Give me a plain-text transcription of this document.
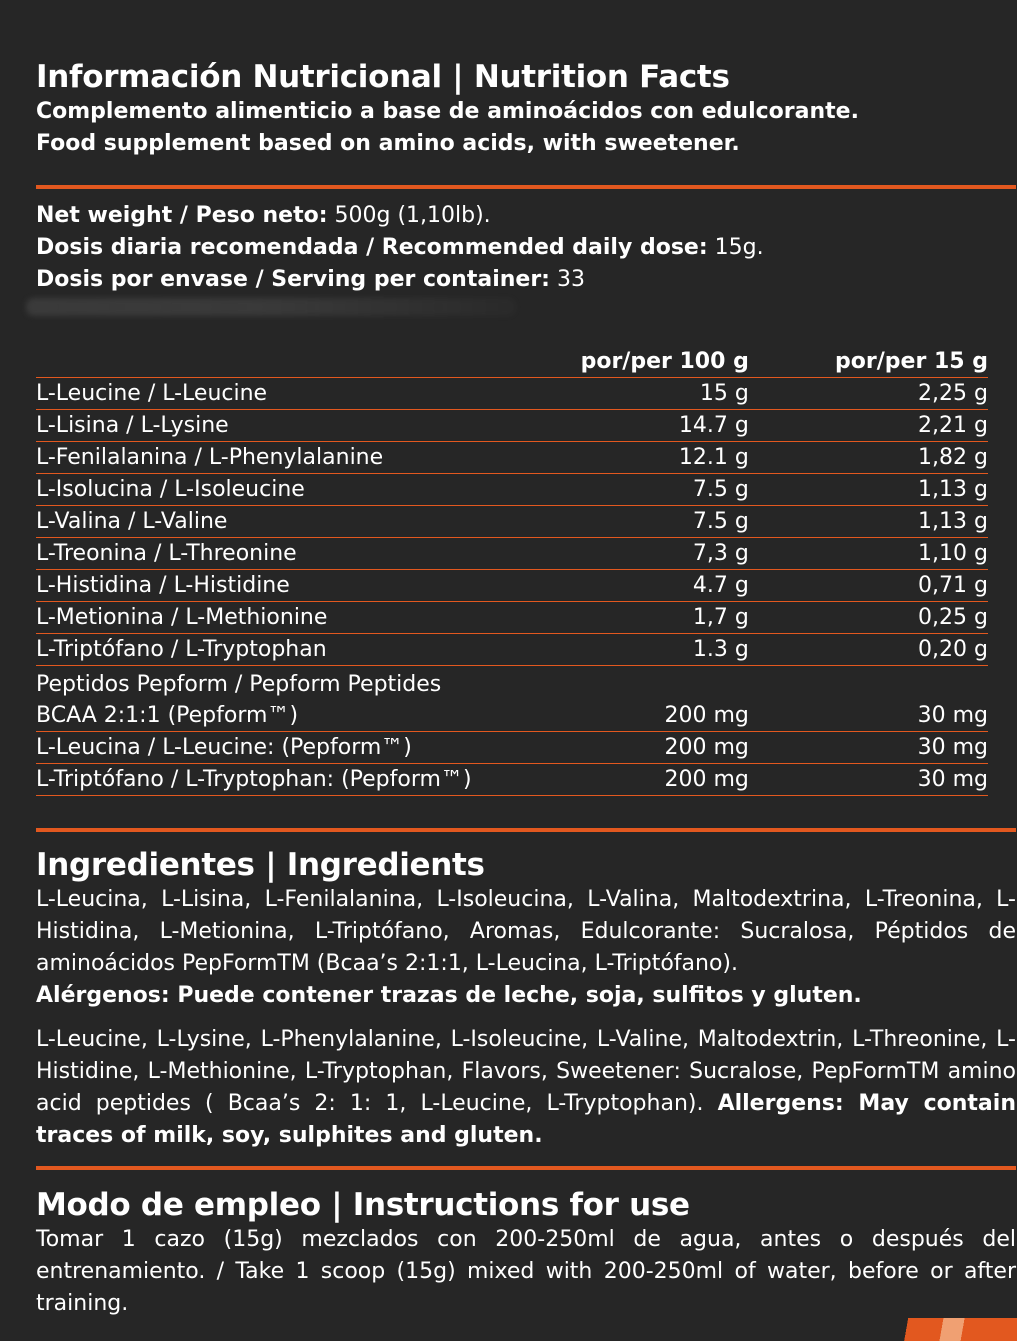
Información Nutricional | Nutrition Facts
Complemento alimenticio a base de aminoácidos con edulcorante.
Food supplement based on amino acids, with sweetener.
Net weight / Peso neto: 500g (1,10lb).
Dosis diaria recomendada / Recommended daily dose: 15g.
Dosis por envase / Serving per container: 33
	por/per 100 g	por/per 15 g
L-Leucine / L-Leucine	15 g	2,25 g
L-Lisina / L-Lysine	14.7 g	2,21 g
L-Fenilalanina / L-Phenylalanine	12.1 g	1,82 g
L-Isolucina / L-Isoleucine	7.5 g	1,13 g
L-Valina / L-Valine	7.5 g	1,13 g
L-Treonina / L-Threonine	7,3 g	1,10 g
L-Histidina / L-Histidine	4.7 g	0,71 g
L-Metionina / L-Methionine	1,7 g	0,25 g
L-Triptófano / L-Tryptophan	1.3 g	0,20 g
Peptidos Pepform / Pepform Peptides		
BCAA 2:1:1 (Pepform™)	200 mg	30 mg
L-Leucina / L-Leucine: (Pepform™)	200 mg	30 mg
L-Triptófano / L-Tryptophan: (Pepform™)	200 mg	30 mg
Ingredientes | Ingredients
L-Leucina, L-Lisina, L-Fenilalanina, L-Isoleucina, L-Valina, Maltodextrina, L-Treonina, L-Histidina, L-Metionina, L-Triptófano, Aromas, Edulcorante: Sucralosa, Péptidos de aminoácidos PepFormTM (Bcaa’s 2:1:1, L-Leucina, L-Triptófano).
Alérgenos: Puede contener trazas de leche, soja, sulfitos y gluten.
L-Leucine, L-Lysine, L-Phenylalanine, L-Isoleucine, L-Valine, Maltodextrin, L-Threonine, L-Histidine, L-Methionine, L-Tryptophan, Flavors, Sweetener: Sucralose, PepFormTM amino acid peptides ( Bcaa’s 2: 1: 1, L-Leucine, L-Tryptophan). Allergens: May contain traces of milk, soy, sulphites and gluten.
Modo de empleo | Instructions for use
Tomar 1 cazo (15g) mezclados con 200-250ml de agua, antes o después del entrenamiento. / Take 1 scoop (15g) mixed with 200-250ml of water, before or after training.
